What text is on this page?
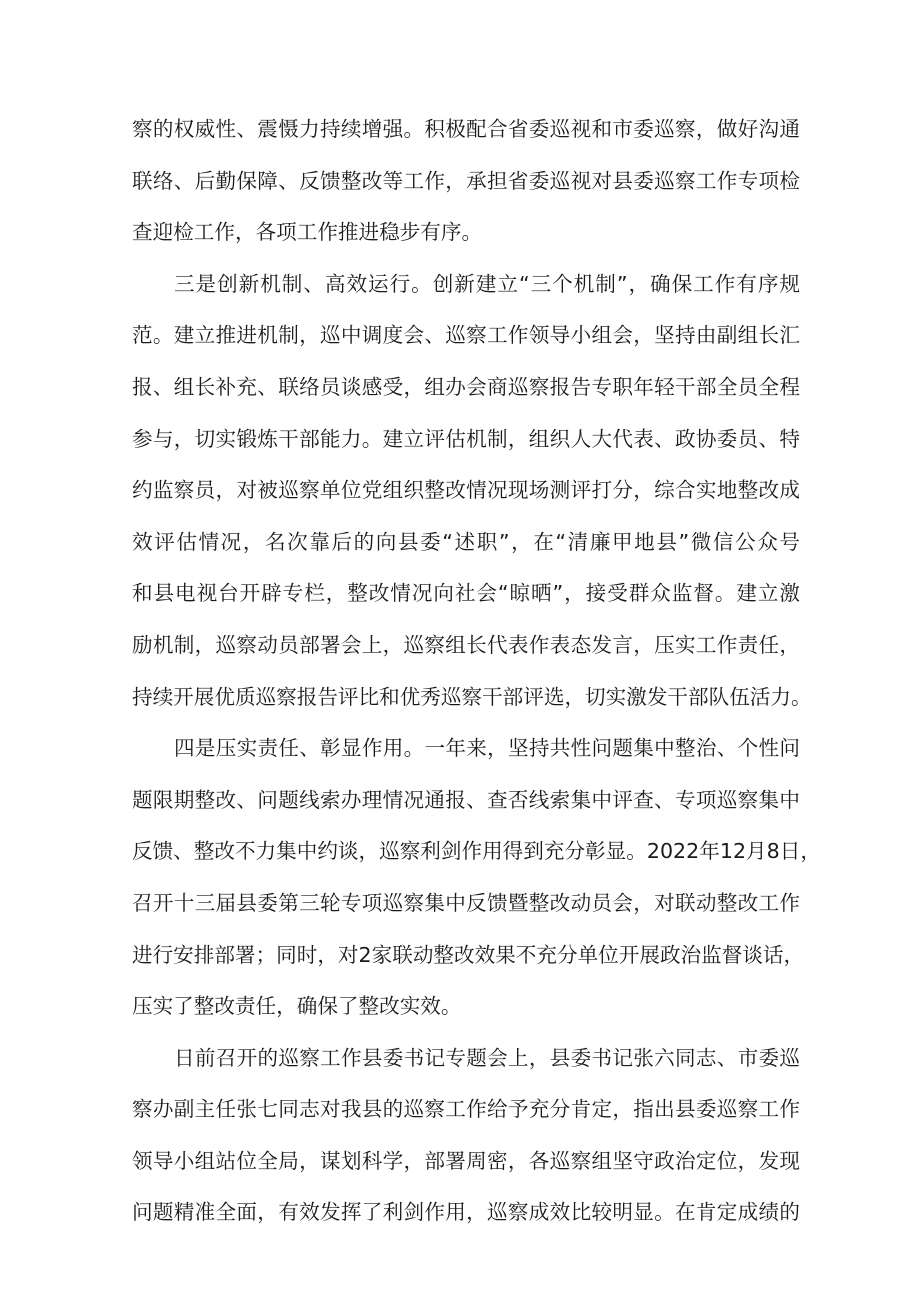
察的权威性、震慑力持续增强。积极配合省委巡视和市委巡察，做好沟通
联络、后勤保障、反馈整改等工作，承担省委巡视对县委巡察工作专项检
查迎检工作，各项工作推进稳步有序。
三是创新机制、高效运行。创新建立“三个机制”，确保工作有序规
范。建立推进机制，巡中调度会、巡察工作领导小组会，坚持由副组长汇
报、组长补充、联络员谈感受，组办会商巡察报告专职年轻干部全员全程
参与，切实锻炼干部能力。建立评估机制，组织人大代表、政协委员、特
约监察员，对被巡察单位党组织整改情况现场测评打分，综合实地整改成
效评估情况，名次靠后的向县委“述职”，在“清廉甲地县”微信公众号
和县电视台开辟专栏，整改情况向社会“晾晒”，接受群众监督。建立激
励机制，巡察动员部署会上，巡察组长代表作表态发言，压实工作责任，
持续开展优质巡察报告评比和优秀巡察干部评选，切实激发干部队伍活力。
四是压实责任、彰显作用。一年来，坚持共性问题集中整治、个性问
题限期整改、问题线索办理情况通报、查否线索集中评查、专项巡察集中
反馈、整改不力集中约谈，巡察利剑作用得到充分彰显。2022年12月8日，
召开十三届县委第三轮专项巡察集中反馈暨整改动员会，对联动整改工作
进行安排部署；同时，对2家联动整改效果不充分单位开展政治监督谈话，
压实了整改责任，确保了整改实效。
日前召开的巡察工作县委书记专题会上，县委书记张六同志、市委巡
察办副主任张七同志对我县的巡察工作给予充分肯定，指出县委巡察工作
领导小组站位全局，谋划科学，部署周密，各巡察组坚守政治定位，发现
问题精准全面，有效发挥了利剑作用，巡察成效比较明显。在肯定成绩的
